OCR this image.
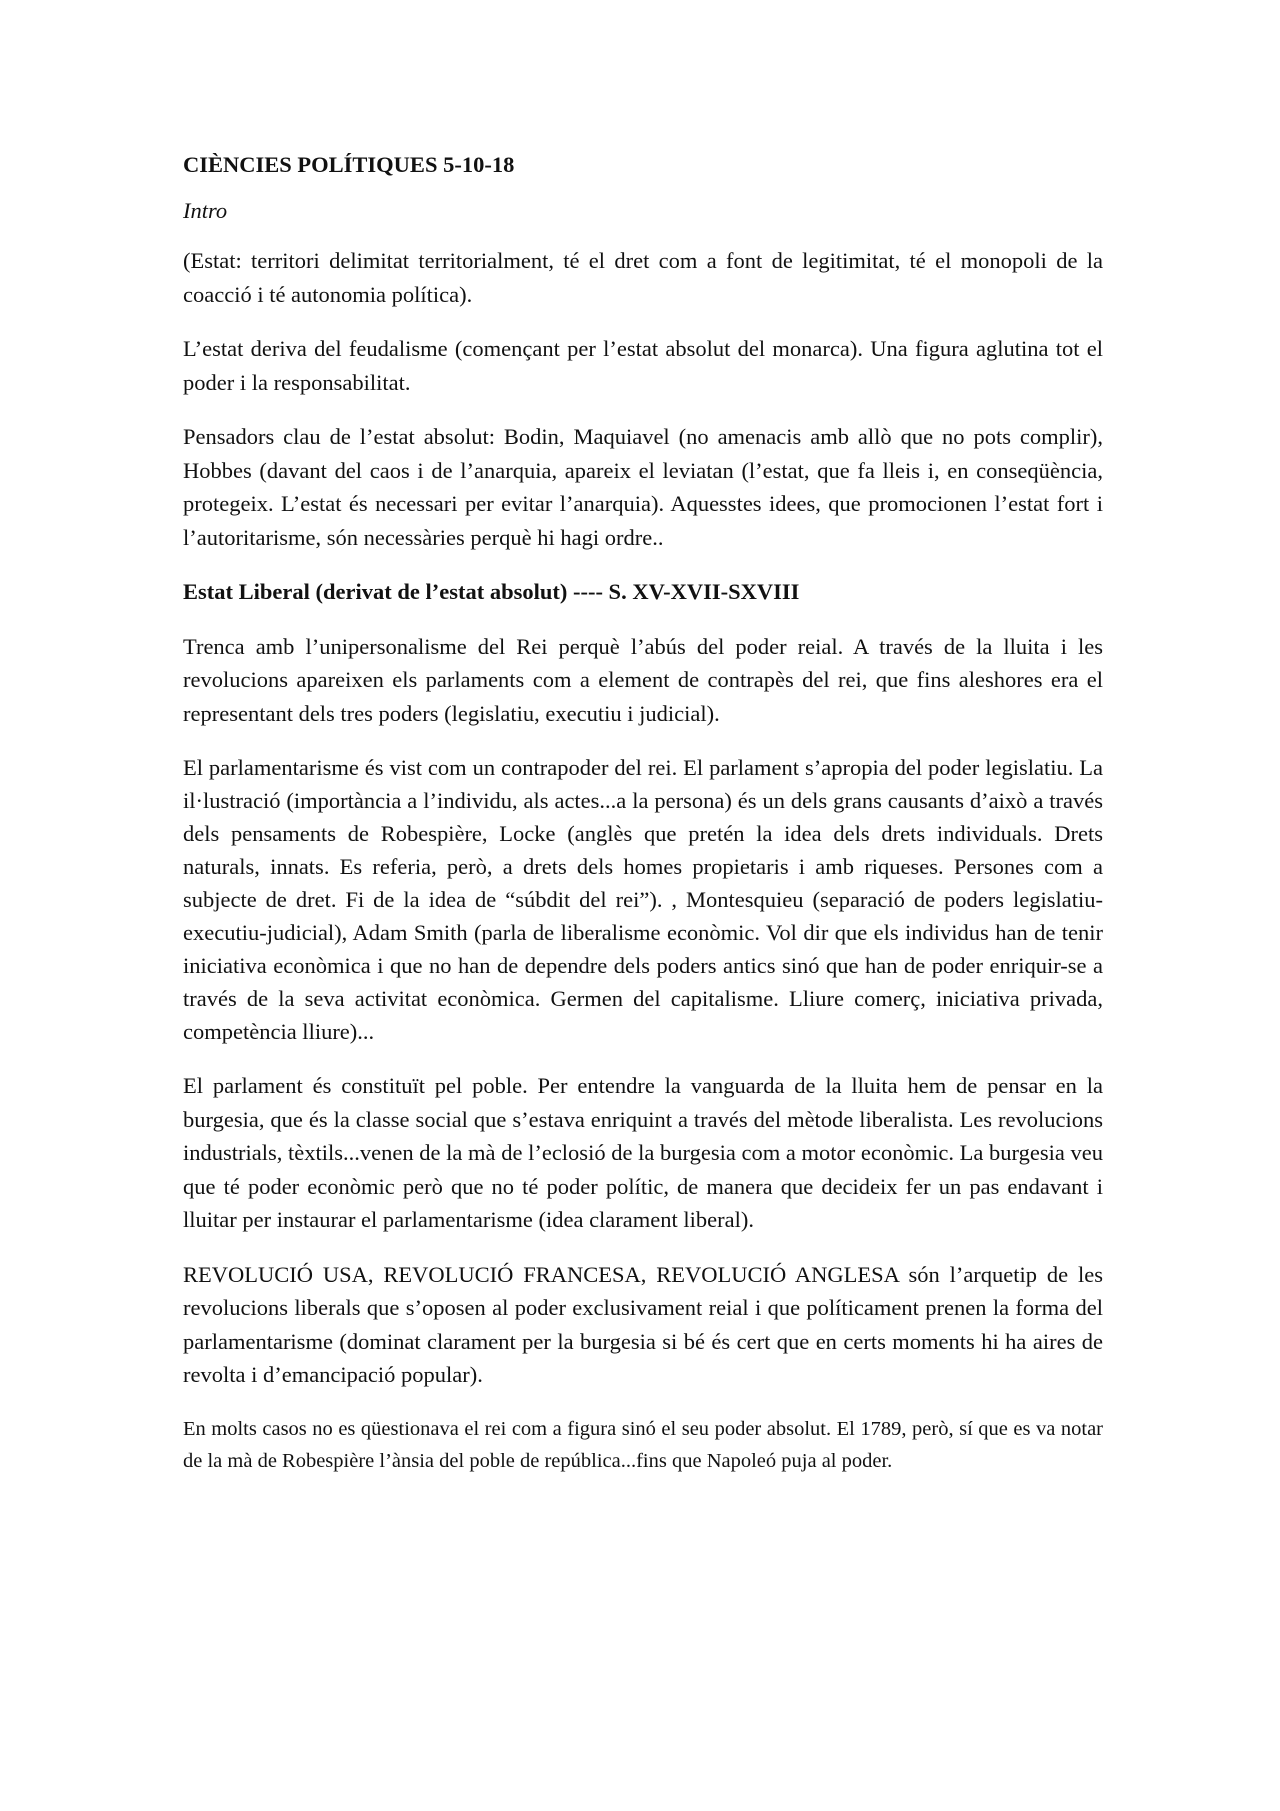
CIÈNCIES POLÍTIQUES 5-10-18

Intro

(Estat: territori delimitat territorialment, té el dret com a font de legitimitat, té el monopoli de la coacció i té autonomia política).

L’estat deriva del feudalisme (començant per l’estat absolut del monarca). Una figura aglutina tot el poder i la responsabilitat.

Pensadors clau de l’estat absolut: Bodin, Maquiavel (no amenacis amb allò que no pots complir), Hobbes (davant del caos i de l’anarquia, apareix el leviatan (l’estat, que fa lleis i, en conseqüència, protegeix. L’estat és necessari per evitar l’anarquia). Aquesstes idees, que promocionen l’estat fort i l’autoritarisme, són necessàries perquè hi hagi ordre..

Estat Liberal (derivat de l’estat absolut) ---- S. XV-XVII-SXVIII

Trenca amb l’unipersonalisme del Rei perquè l’abús del poder reial. A través de la lluita i les revolucions apareixen els parlaments com a element de contrapès del rei, que fins aleshores era el representant dels tres poders (legislatiu, executiu i judicial).

El parlamentarisme és vist com un contrapoder del rei. El parlament s’apropia del poder legislatiu. La il·lustració (importància a l’individu, als actes...a la persona) és un dels grans causants d’això a través dels pensaments de Robespière, Locke (anglès que pretén la idea dels drets individuals. Drets naturals, innats. Es referia, però, a drets dels homes propietaris i amb riqueses. Persones com a subjecte de dret. Fi de la idea de “súbdit del rei”). , Montesquieu (separació de poders legislatiu-executiu-judicial), Adam Smith (parla de liberalisme econòmic. Vol dir que els individus han de tenir iniciativa econòmica i que no han de dependre dels poders antics sinó que han de poder enriquir-se a través de la seva activitat econòmica. Germen del capitalisme. Lliure comerç, iniciativa privada, competència lliure)...

El parlament és constituït pel poble. Per entendre la vanguarda de la lluita hem de pensar en la burgesia, que és la classe social que s’estava enriquint a través del mètode liberalista. Les revolucions industrials, tèxtils...venen de la mà de l’eclosió de la burgesia com a motor econòmic. La burgesia veu que té poder econòmic però que no té poder polític, de manera que decideix fer un pas endavant i lluitar per instaurar el parlamentarisme (idea clarament liberal).

REVOLUCIÓ USA, REVOLUCIÓ FRANCESA, REVOLUCIÓ ANGLESA són l’arquetip de les revolucions liberals que s’oposen al poder exclusivament reial i que políticament prenen la forma del parlamentarisme (dominat clarament per la burgesia si bé és cert que en certs moments hi ha aires de revolta i d’emancipació popular).

En molts casos no es qüestionava el rei com a figura sinó el seu poder absolut. El 1789, però, sí que es va notar de la mà de Robespière l’ànsia del poble de república...fins que Napoleó puja al poder.
